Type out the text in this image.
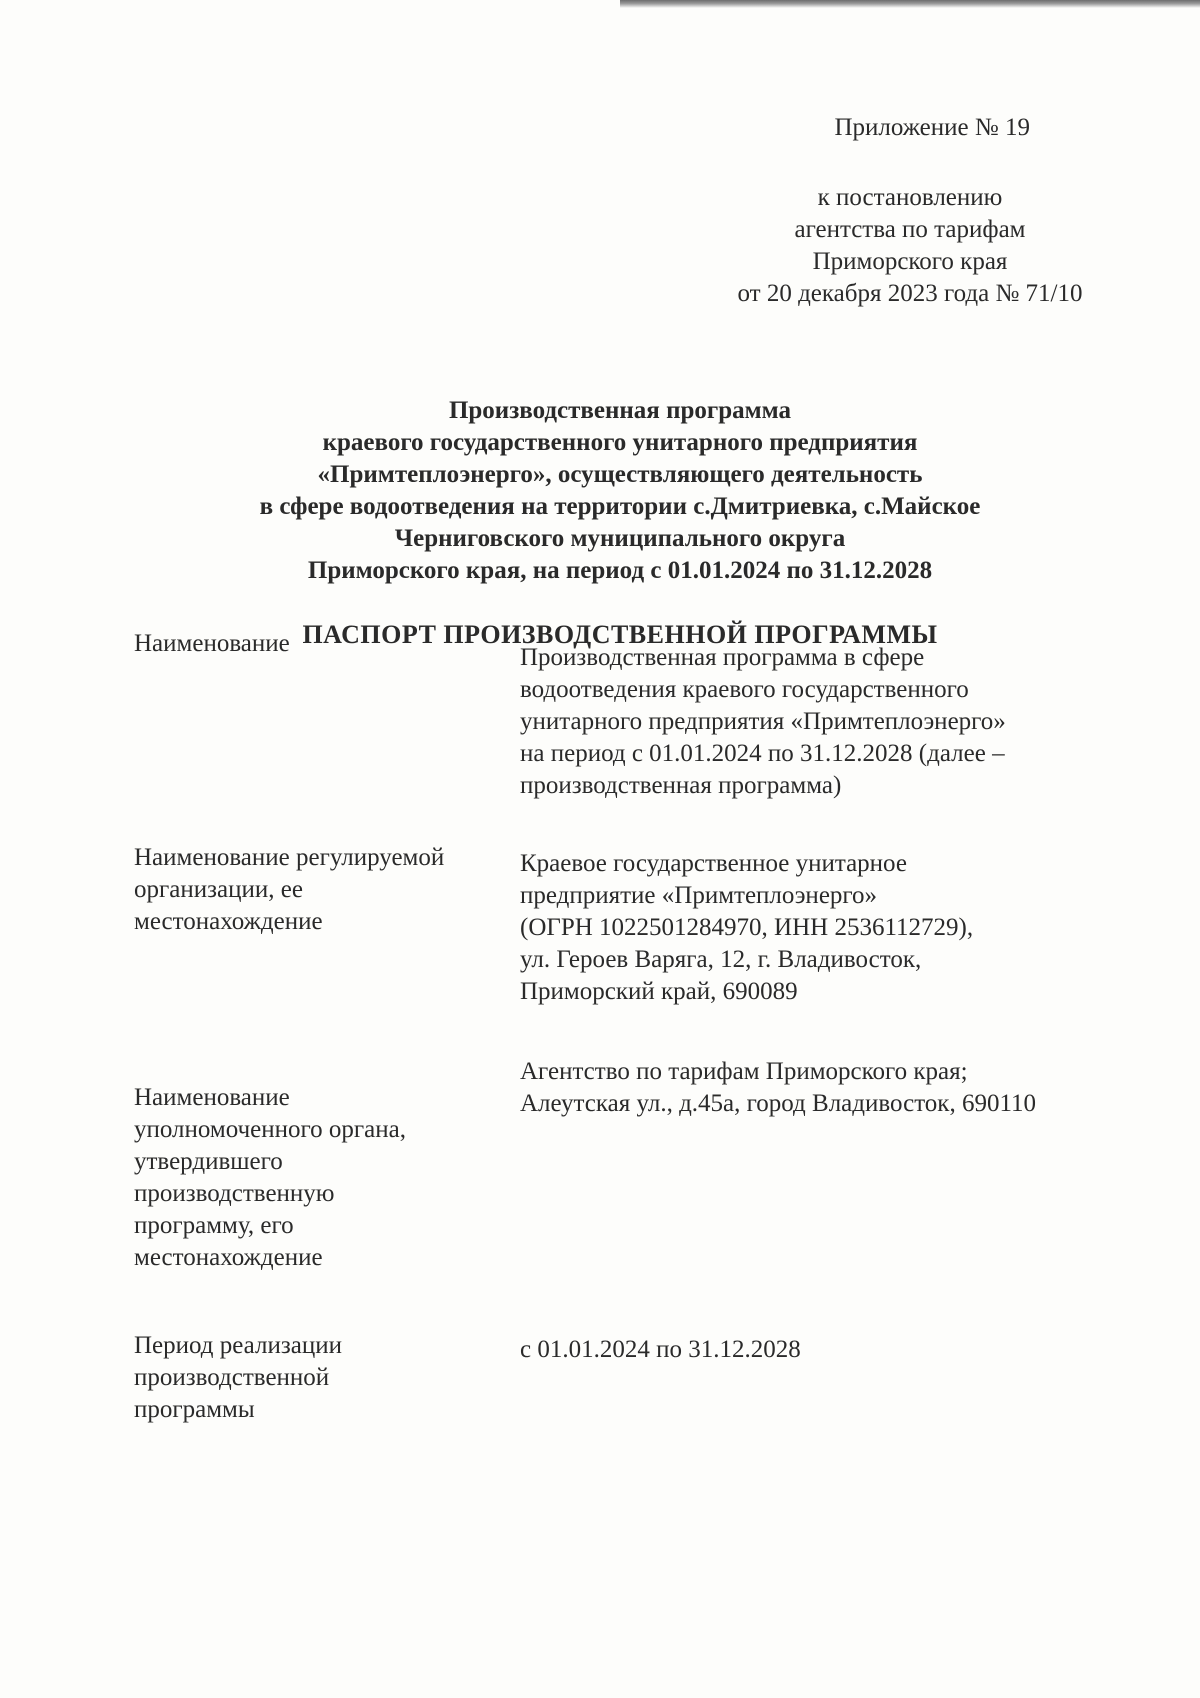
Приложение № 19
к постановлению
агентства по тарифам
Приморского края
от 20 декабря 2023 года № 71/10
Производственная программа
краевого государственного унитарного предприятия
«Примтеплоэнерго», осуществляющего деятельность
в сфере водоотведения на территории с.Дмитриевка, с.Майское
Черниговского муниципального округа
Приморского края, на период с 01.01.2024 по 31.12.2028
ПАСПОРТ ПРОИЗВОДСТВЕННОЙ ПРОГРАММЫ
Наименование
Производственная программа в сфере
водоотведения краевого государственного
унитарного предприятия «Примтеплоэнерго»
на период с 01.01.2024 по 31.12.2028 (далее –
производственная программа)
Наименование регулируемой
организации, ее
местонахождение
Краевое государственное унитарное
предприятие «Примтеплоэнерго»
(ОГРН 1022501284970, ИНН 2536112729),
ул. Героев Варяга, 12, г. Владивосток,
Приморский край, 690089
Наименование
уполномоченного органа,
утвердившего
производственную
программу, его
местонахождение
Агентство по тарифам Приморского края;
Алеутская ул., д.45а, город Владивосток, 690110
Период реализации
производственной
программы
с 01.01.2024 по 31.12.2028
